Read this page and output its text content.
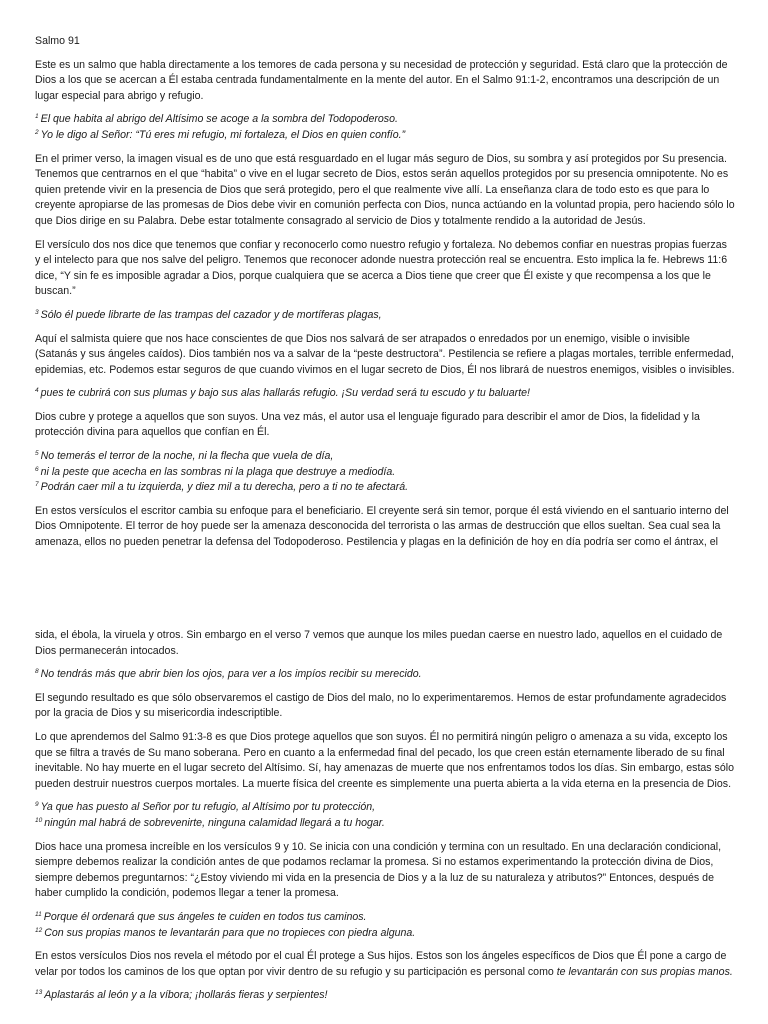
Salmo 91

Este es un salmo que habla directamente a los temores de cada persona y su necesidad de protección y seguridad. Está claro que la protección de Dios a los que se acercan a Él estaba centrada fundamentalmente en la mente del autor. En el Salmo 91:1-2, encontramos una descripción de un lugar especial para abrigo y refugio.

$^1$ El que habita al abrigo del Altísimo se acoge a la sombra del Todopoderoso.
$^2$ Yo le digo al Señor: “Tú eres mi refugio, mi fortaleza, el Dios en quien confío.”

En el primer verso, la imagen visual es de uno que está resguardado en el lugar más seguro de Dios, su sombra y así protegidos por Su presencia. Tenemos que centrarnos en el que “habita” o vive en el lugar secreto de Dios, estos serán aquellos protegidos por su presencia omnipotente. No es quien pretende vivir en la presencia de Dios que será protegido, pero el que realmente vive allí. La enseñanza clara de todo esto es que para lo creyente apropiarse de las promesas de Dios debe vivir en comunión perfecta con Dios, nunca actúando en la voluntad propia, pero haciendo sólo lo que Dios dirige en su Palabra. Debe estar totalmente consagrado al servicio de Dios y totalmente rendido a la autoridad de Jesús.

El versículo dos nos dice que tenemos que confiar y reconocerlo como nuestro refugio y fortaleza. No debemos confiar en nuestras propias fuerzas y el intelecto para que nos salve del peligro. Tenemos que reconocer adonde nuestra protección real se encuentra. Esto implica la fe. Hebrews 11:6 dice, “Y sin fe es imposible agradar a Dios, porque cualquiera que se acerca a Dios tiene que creer que Él existe y que recompensa a los que le buscan.”

$^3$ Sólo él puede librarte de las trampas del cazador y de mortíferas plagas,

Aquí el salmista quiere que nos hace conscientes de que Dios nos salvará de ser atrapados o enredados por un enemigo, visible o invisible (Satanás y sus ángeles caídos). Dios también nos va a salvar de la “peste destructora”. Pestilencia se refiere a plagas mortales, terrible enfermedad, epidemias, etc. Podemos estar seguros de que cuando vivimos en el lugar secreto de Dios, Él nos librará de nuestros enemigos, visibles o invisibles.

$^4$ pues te cubrirá con sus plumas y bajo sus alas hallarás refugio. ¡Su verdad será tu escudo y tu baluarte!

Dios cubre y protege a aquellos que son suyos. Una vez más, el autor usa el lenguaje figurado para describir el amor de Dios, la fidelidad y la protección divina para aquellos que confían en Él.

$^5$ No temerás el terror de la noche, ni la flecha que vuela de día,
$^6$ ni la peste que acecha en las sombras ni la plaga que destruye a mediodía.
$^7$ Podrán caer mil a tu izquierda, y diez mil a tu derecha, pero a ti no te afectará.

En estos versículos el escritor cambia su enfoque para el beneficiario. El creyente será sin temor, porque él está viviendo en el santuario interno del Dios Omnipotente. El terror de hoy puede ser la amenaza desconocida del terrorista o las armas de destrucción que ellos sueltan. Sea cual sea la amenaza, ellos no pueden penetrar la defensa del Todopoderoso. Pestilencia y plagas en la definición de hoy en día podría ser como el ántrax, el

sida, el ébola, la viruela y otros. Sin embargo en el verso 7 vemos que aunque los miles puedan caerse en nuestro lado, aquellos en el cuidado de Dios permanecerán intocados.

$^8$ No tendrás más que abrir bien los ojos, para ver a los impíos recibir su merecido.

El segundo resultado es que sólo observaremos el castigo de Dios del malo, no lo experimentaremos. Hemos de estar profundamente agradecidos por la gracia de Dios y su misericordia indescriptible.

Lo que aprendemos del Salmo 91:3-8 es que Dios protege aquellos que son suyos. Él no permitirá ningún peligro o amenaza a su vida, excepto los que se filtra a través de Su mano soberana. Pero en cuanto a la enfermedad final del pecado, los que creen están eternamente liberado de su final inevitable. No hay muerte en el lugar secreto del Altísimo. Sí, hay amenazas de muerte que nos enfrentamos todos los días. Sin embargo, estas sólo pueden destruir nuestros cuerpos mortales. La muerte física del creente es simplemente una puerta abierta a la vida eterna en la presencia de Dios.

$^9$ Ya que has puesto al Señor por tu refugio, al Altísimo por tu protección,
$^{10}$ ningún mal habrá de sobrevenirte, ninguna calamidad llegará a tu hogar.

Dios hace una promesa increíble en los versículos 9 y 10. Se inicia con una condición y termina con un resultado. En una declaración condicional, siempre debemos realizar la condición antes de que podamos reclamar la promesa. Si no estamos experimentando la protección divina de Dios, siempre debemos preguntarnos: “¿Estoy viviendo mi vida en la presencia de Dios y a la luz de su naturaleza y atributos?” Entonces, después de haber cumplido la condición, podemos llegar a tener la promesa.

$^{11}$ Porque él ordenará que sus ángeles te cuiden en todos tus caminos.
$^{12}$ Con sus propias manos te levantarán para que no tropieces con piedra alguna.

En estos versículos Dios nos revela el método por el cual Él protege a Sus hijos. Estos son los ángeles específicos de Dios que Él pone a cargo de velar por todos los caminos de los que optan por vivir dentro de su refugio y su participación es personal como te levantarán con sus propias manos.

$^{13}$ Aplastarás al león y a la víbora; ¡hollarás fieras y serpientes!
